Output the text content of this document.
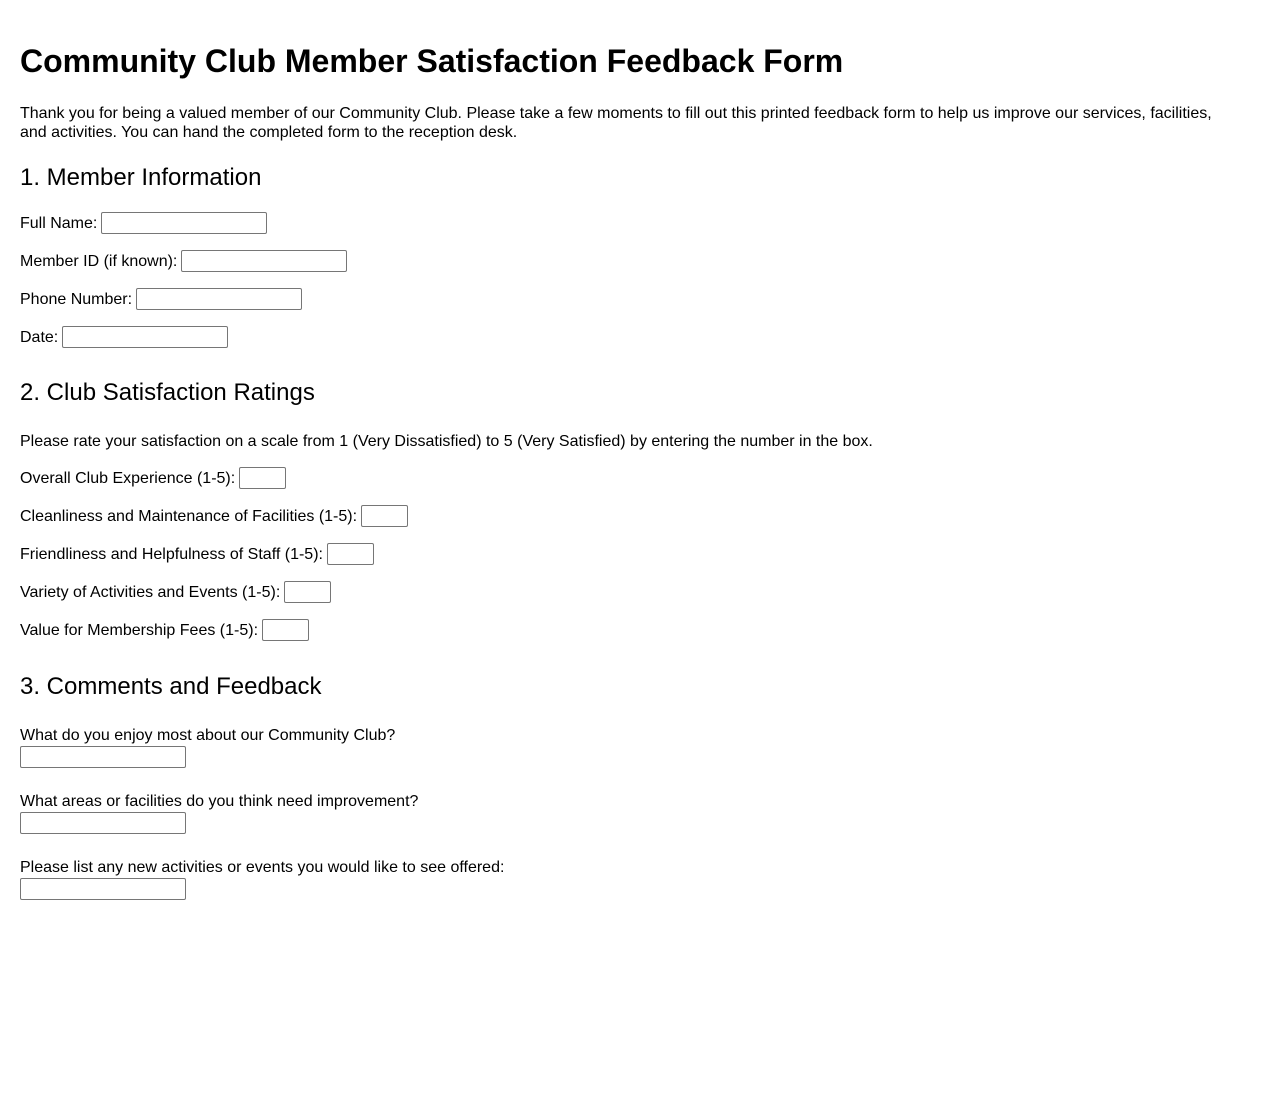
Community Club Member Satisfaction Feedback Form

Thank you for being a valued member of our Community Club. Please take a few moments to fill out this printed feedback form to help us improve our services, facilities, and activities. You can hand the completed form to the reception desk.

1. Member Information
Full Name:
Member ID (if known):
Phone Number:
Date:
2. Club Satisfaction Ratings

Please rate your satisfaction on a scale from 1 (Very Dissatisfied) to 5 (Very Satisfied) by entering the number in the box.

Overall Club Experience (1-5):
Cleanliness and Maintenance of Facilities (1-5):
Friendliness and Helpfulness of Staff (1-5):
Variety of Activities and Events (1-5):
Value for Membership Fees (1-5):
3. Comments and Feedback
What do you enjoy most about our Community Club?
What areas or facilities do you think need improvement?
Please list any new activities or events you would like to see offered:
